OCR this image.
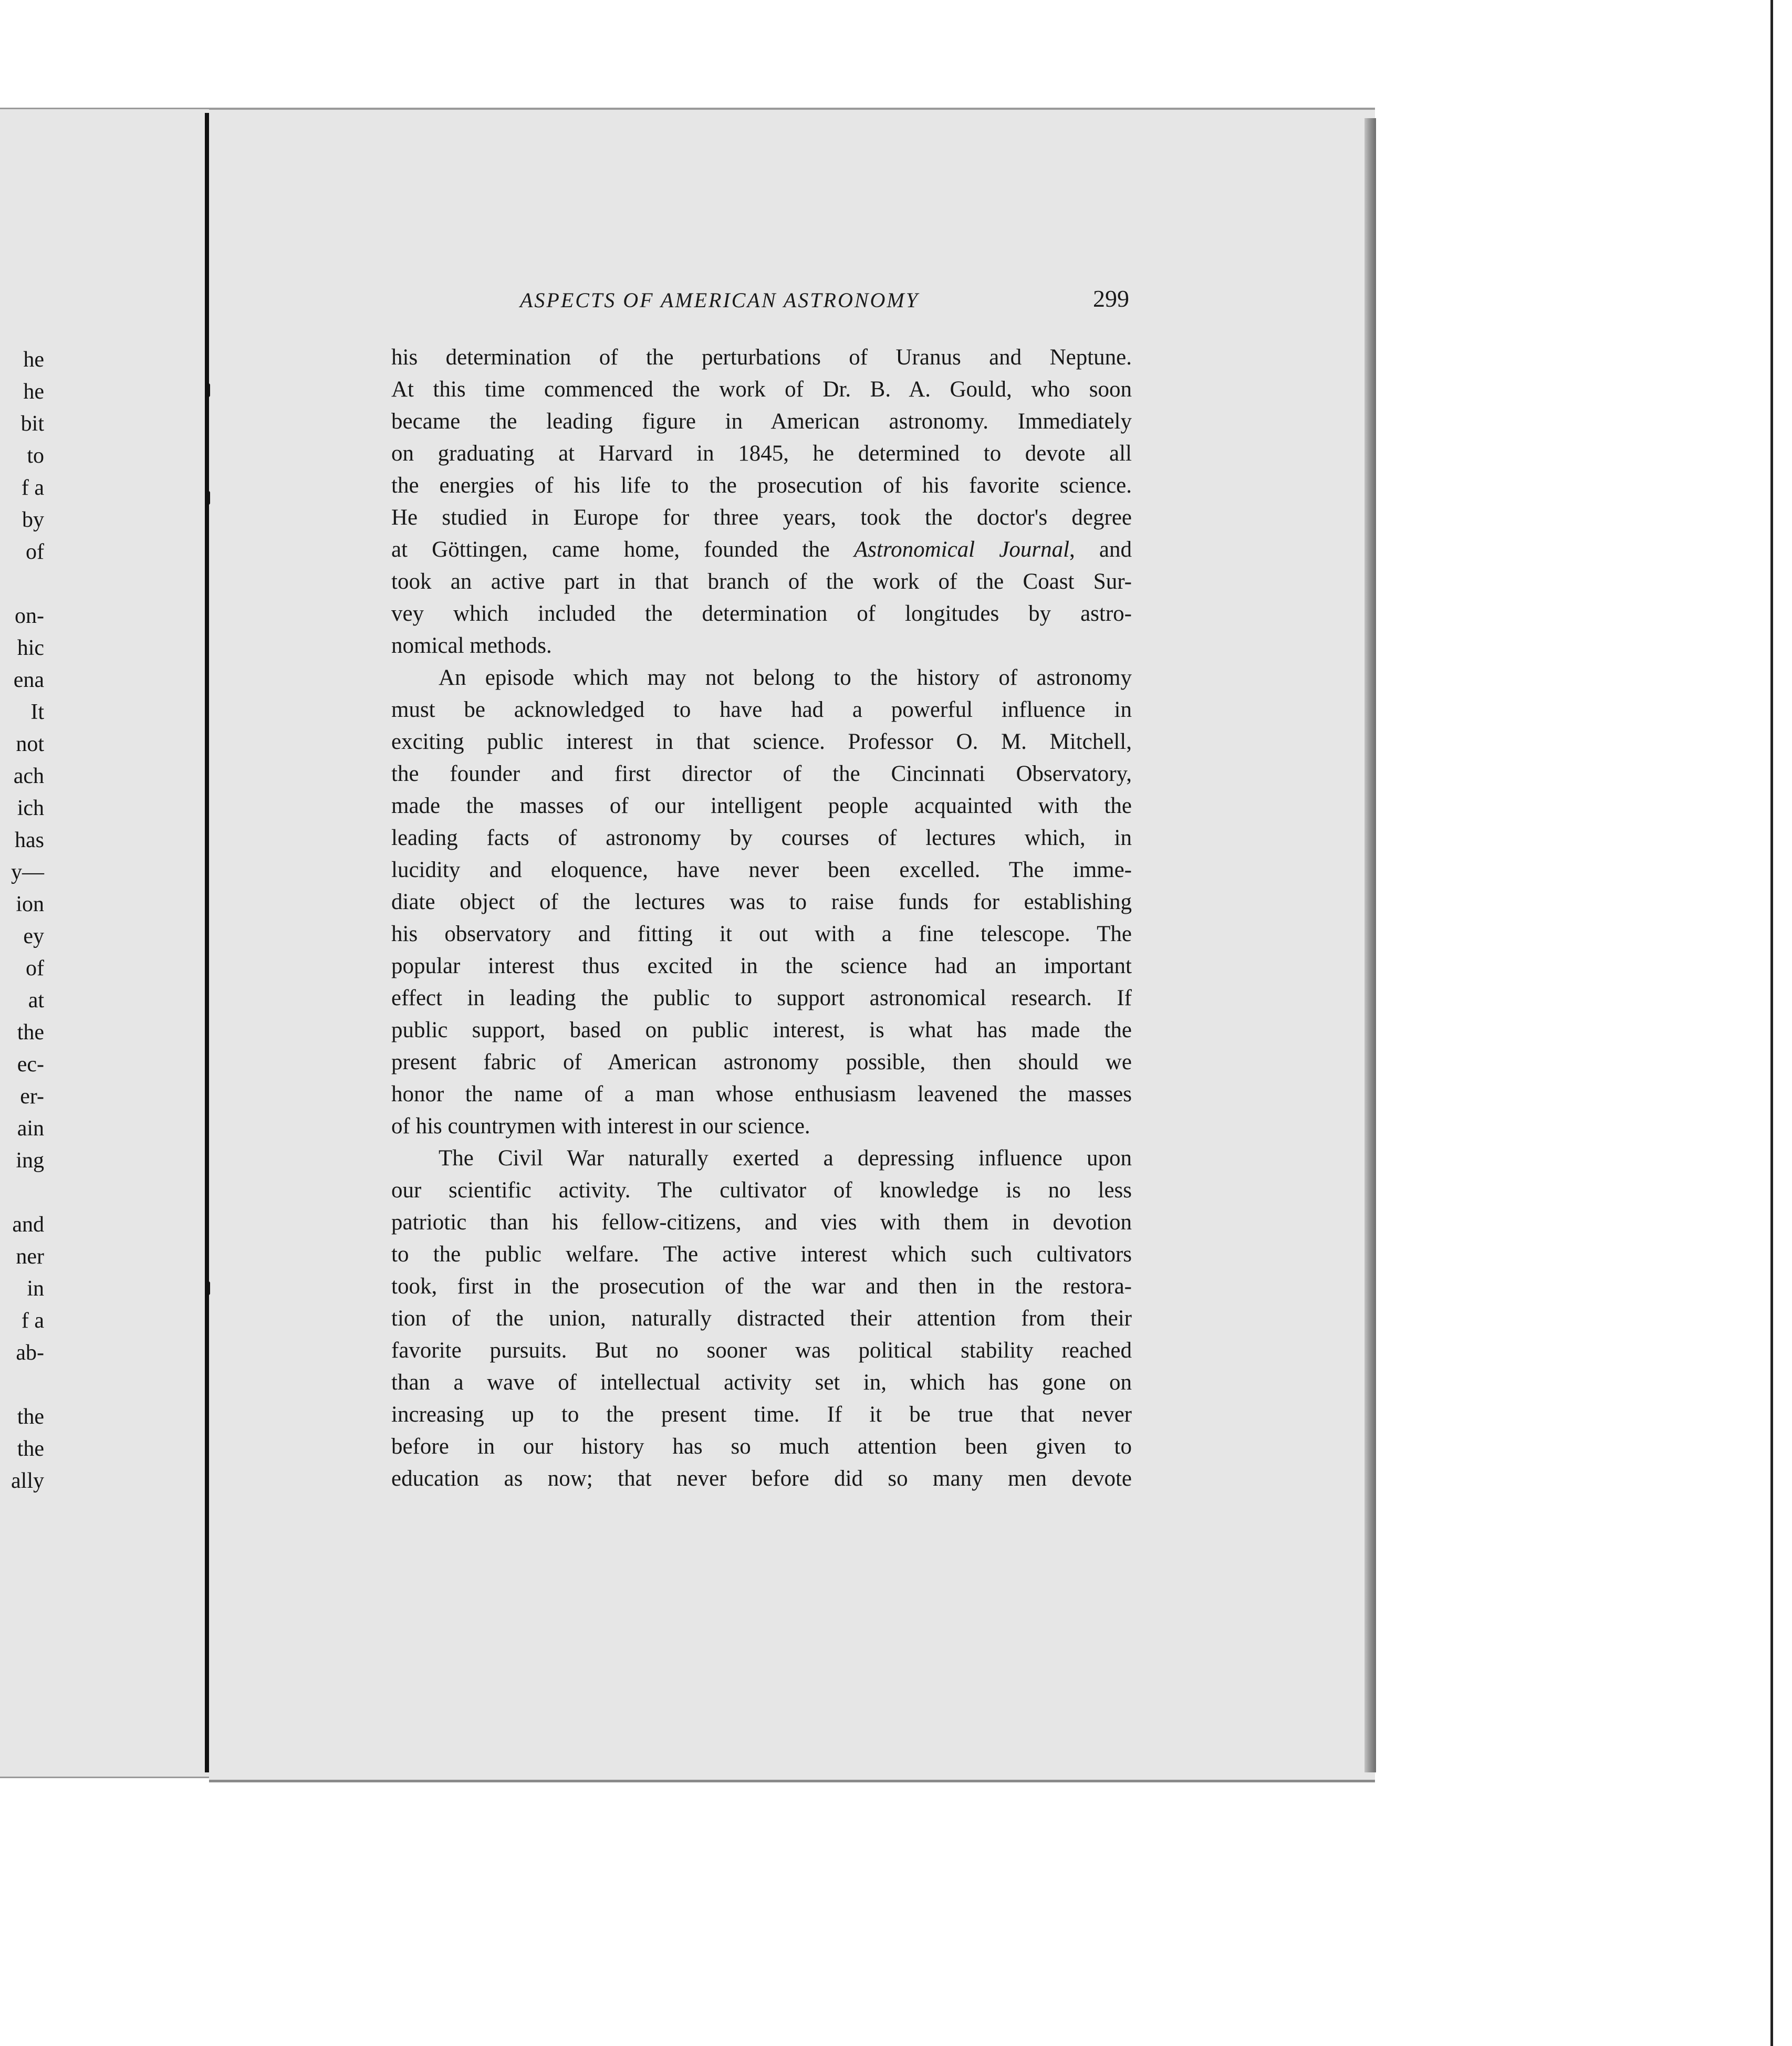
he
he
bit
to
f a
by
of
on-
hic
ena
It
not
ach
ich
has
y—
ion
ey
of
at
the
ec-
er-
ain
ing
and
ner
in
f a
ab-
the
the
ally
ASPECTS OF AMERICAN ASTRONOMY	299
his determination of the perturbations of Uranus and Neptune.
At this time commenced the work of Dr. B. A. Gould, who soon
became the leading figure in American astronomy. Immediately
on graduating at Harvard in 1845, he determined to devote all
the energies of his life to the prosecution of his favorite science.
He studied in Europe for three years, took the doctor's degree
at Göttingen, came home, founded the Astronomical Journal, and
took an active part in that branch of the work of the Coast Sur-
vey which included the determination of longitudes by astro-
nomical methods.
An episode which may not belong to the history of astronomy
must be acknowledged to have had a powerful influence in
exciting public interest in that science. Professor O. M. Mitchell,
the founder and first director of the Cincinnati Observatory,
made the masses of our intelligent people acquainted with the
leading facts of astronomy by courses of lectures which, in
lucidity and eloquence, have never been excelled. The imme-
diate object of the lectures was to raise funds for establishing
his observatory and fitting it out with a fine telescope. The
popular interest thus excited in the science had an important
effect in leading the public to support astronomical research. If
public support, based on public interest, is what has made the
present fabric of American astronomy possible, then should we
honor the name of a man whose enthusiasm leavened the masses
of his countrymen with interest in our science.
The Civil War naturally exerted a depressing influence upon
our scientific activity. The cultivator of knowledge is no less
patriotic than his fellow-citizens, and vies with them in devotion
to the public welfare. The active interest which such cultivators
took, first in the prosecution of the war and then in the restora-
tion of the union, naturally distracted their attention from their
favorite pursuits. But no sooner was political stability reached
than a wave of intellectual activity set in, which has gone on
increasing up to the present time. If it be true that never
before in our history has so much attention been given to
education as now; that never before did so many men devote
